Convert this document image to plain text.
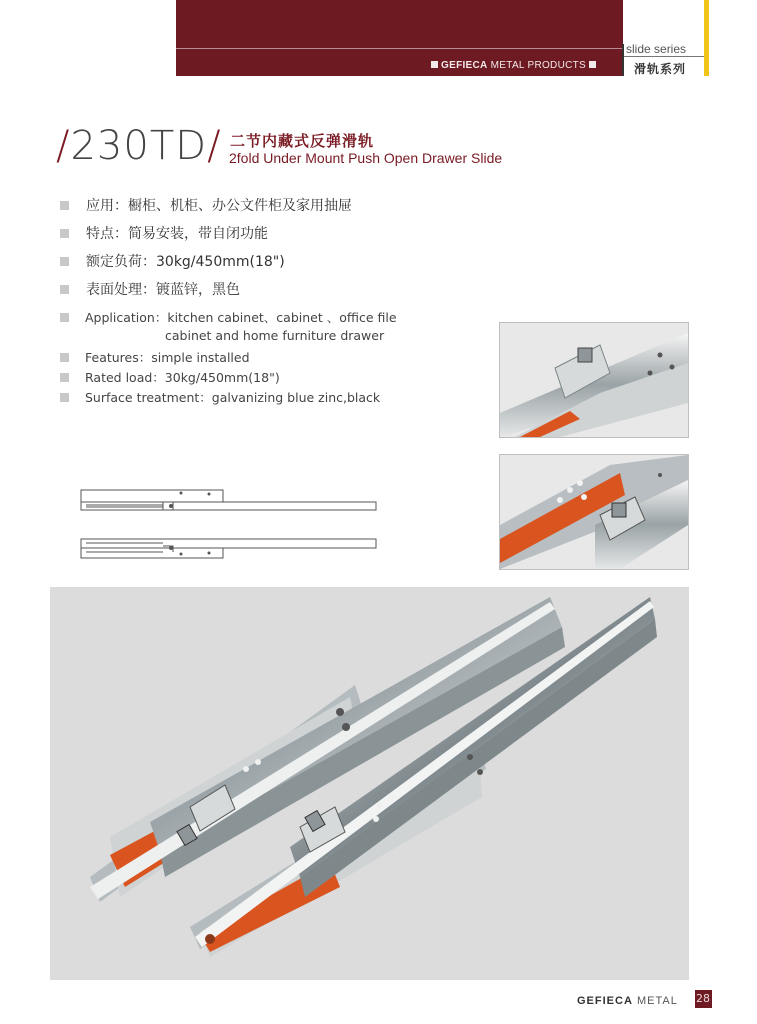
GEFIECA METAL PRODUCTS
slide series
滑轨系列
/230TD/ 二节内藏式反弹滑轨
2fold Under Mount Push Open Drawer Slide
应用：橱柜、机柜、办公文件柜及家用抽屉
特点：简易安装，带自闭功能
额定负荷：30kg/450mm(18")
表面处理：镀蓝锌，黑色
Application：kitchen cabinet、cabinet 、office file
cabinet and home furniture drawer
Features：simple installed
Rated load：30kg/450mm(18")
Surface treatment：galvanizing blue zinc,black
GEFIECA METAL 28
